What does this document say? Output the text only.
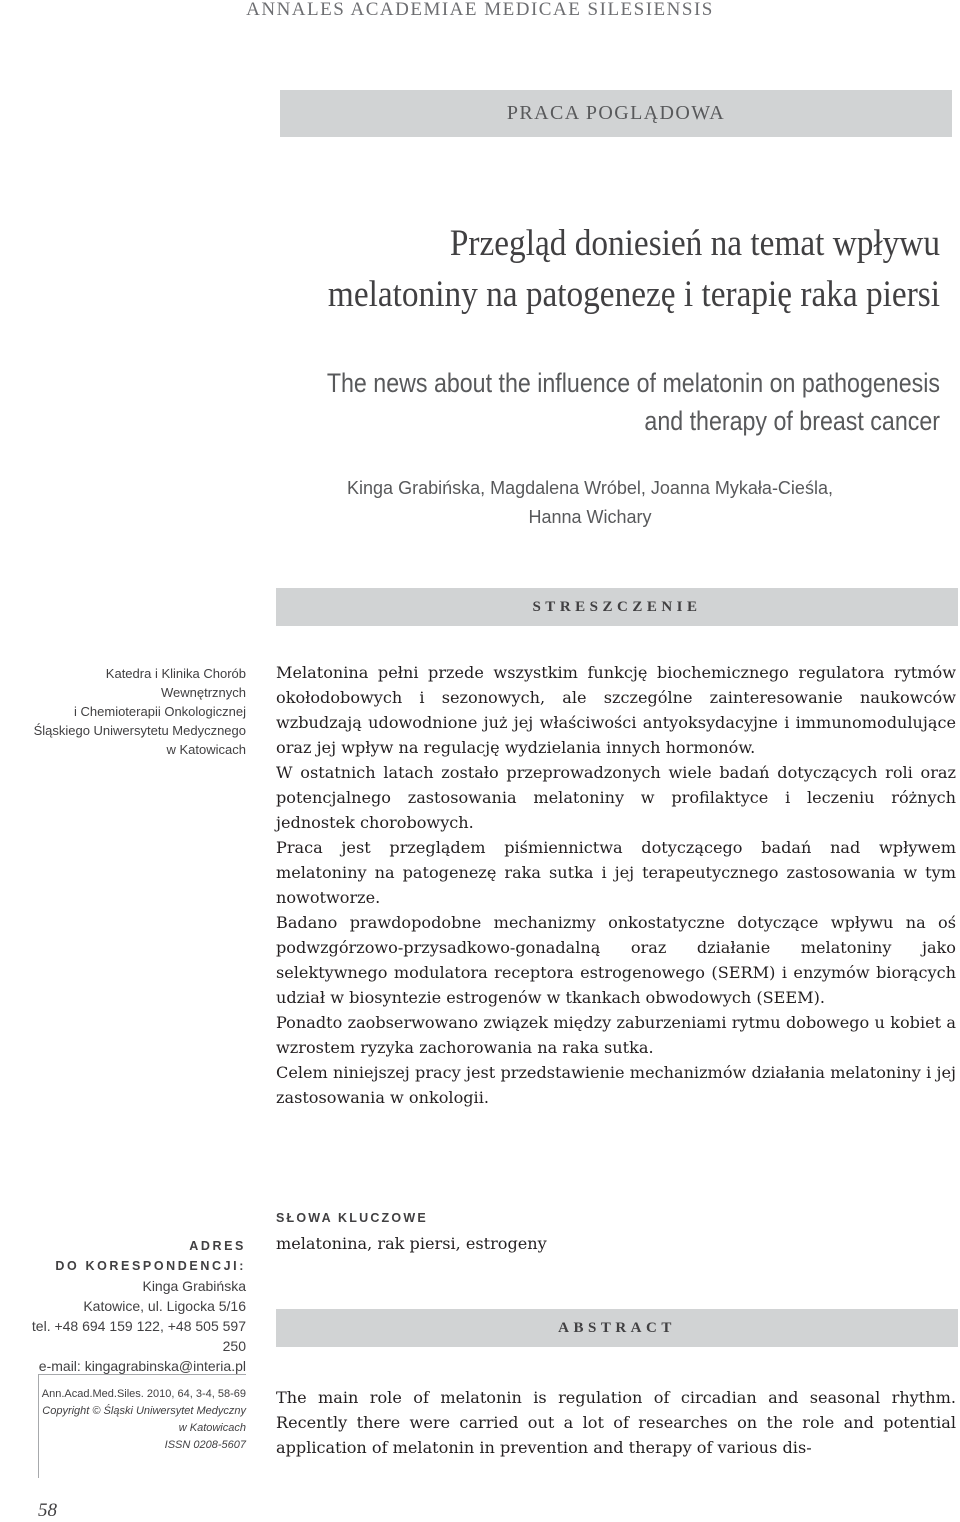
ANNALES ACADEMIAE MEDICAE SILESIENSIS
PRACA POGLĄDOWA
Przegląd doniesień na temat wpływu
melatoniny na patogenezę i terapię raka piersi
The news about the influence of melatonin on pathogenesis
and therapy of breast cancer
Kinga Grabińska, Magdalena Wróbel, Joanna Mykała-Cieśla,
Hanna Wichary
STRESZCZENIE
Katedra i Klinika Chorób Wewnętrznych
i Chemioterapii Onkologicznej
Śląskiego Uniwersytetu Medycznego
w Katowicach

Melatonina pełni przede wszystkim funkcję biochemicznego regulatora rytmów okołodobowych i sezonowych, ale szczególne zainteresowanie naukowców wzbudzają udowodnione już jej właściwości antyoksydacyjne i immunomodulujące oraz jej wpływ na regulację wydzielania innych hormonów.

W ostatnich latach zostało przeprowadzonych wiele badań dotyczących roli oraz potencjalnego zastosowania melatoniny w profilaktyce i leczeniu różnych jednostek chorobowych.

Praca jest przeglądem piśmiennictwa dotyczącego badań nad wpływem melatoniny na patogenezę raka sutka i jej terapeutycznego zastosowania w tym nowotworze.

Badano prawdopodobne mechanizmy onkostatyczne dotyczące wpływu na oś podwzgórzowo-przysadkowo-gonadalną oraz działanie melatoniny jako selektywnego modulatora receptora estrogenowego (SERM) i enzymów biorących udział w biosyntezie estrogenów w tkankach obwodowych (SEEM).

Ponadto zaobserwowano związek między zaburzeniami rytmu dobowego u kobiet a wzrostem ryzyka zachorowania na raka sutka.

Celem niniejszej pracy jest przedstawienie mechanizmów działania melatoniny i jej zastosowania w onkologii.

SŁOWA KLUCZOWE
melatonina, rak piersi, estrogeny
ADRES
DO KORESPONDENCJI:
Kinga Grabińska
Katowice, ul. Ligocka 5/16
tel. +48 694 159 122, +48 505 597 250
e-mail: kingagrabinska@interia.pl
ABSTRACT
Ann.Acad.Med.Siles. 2010, 64, 3-4, 58-69
Copyright © Śląski Uniwersytet Medyczny
w Katowicach
ISSN 0208-5607

The main role of melatonin is regulation of circadian and seasonal rhythm. Recently there were carried out a lot of researches on the role and potential application of melatonin in prevention and therapy of various dis-

58
